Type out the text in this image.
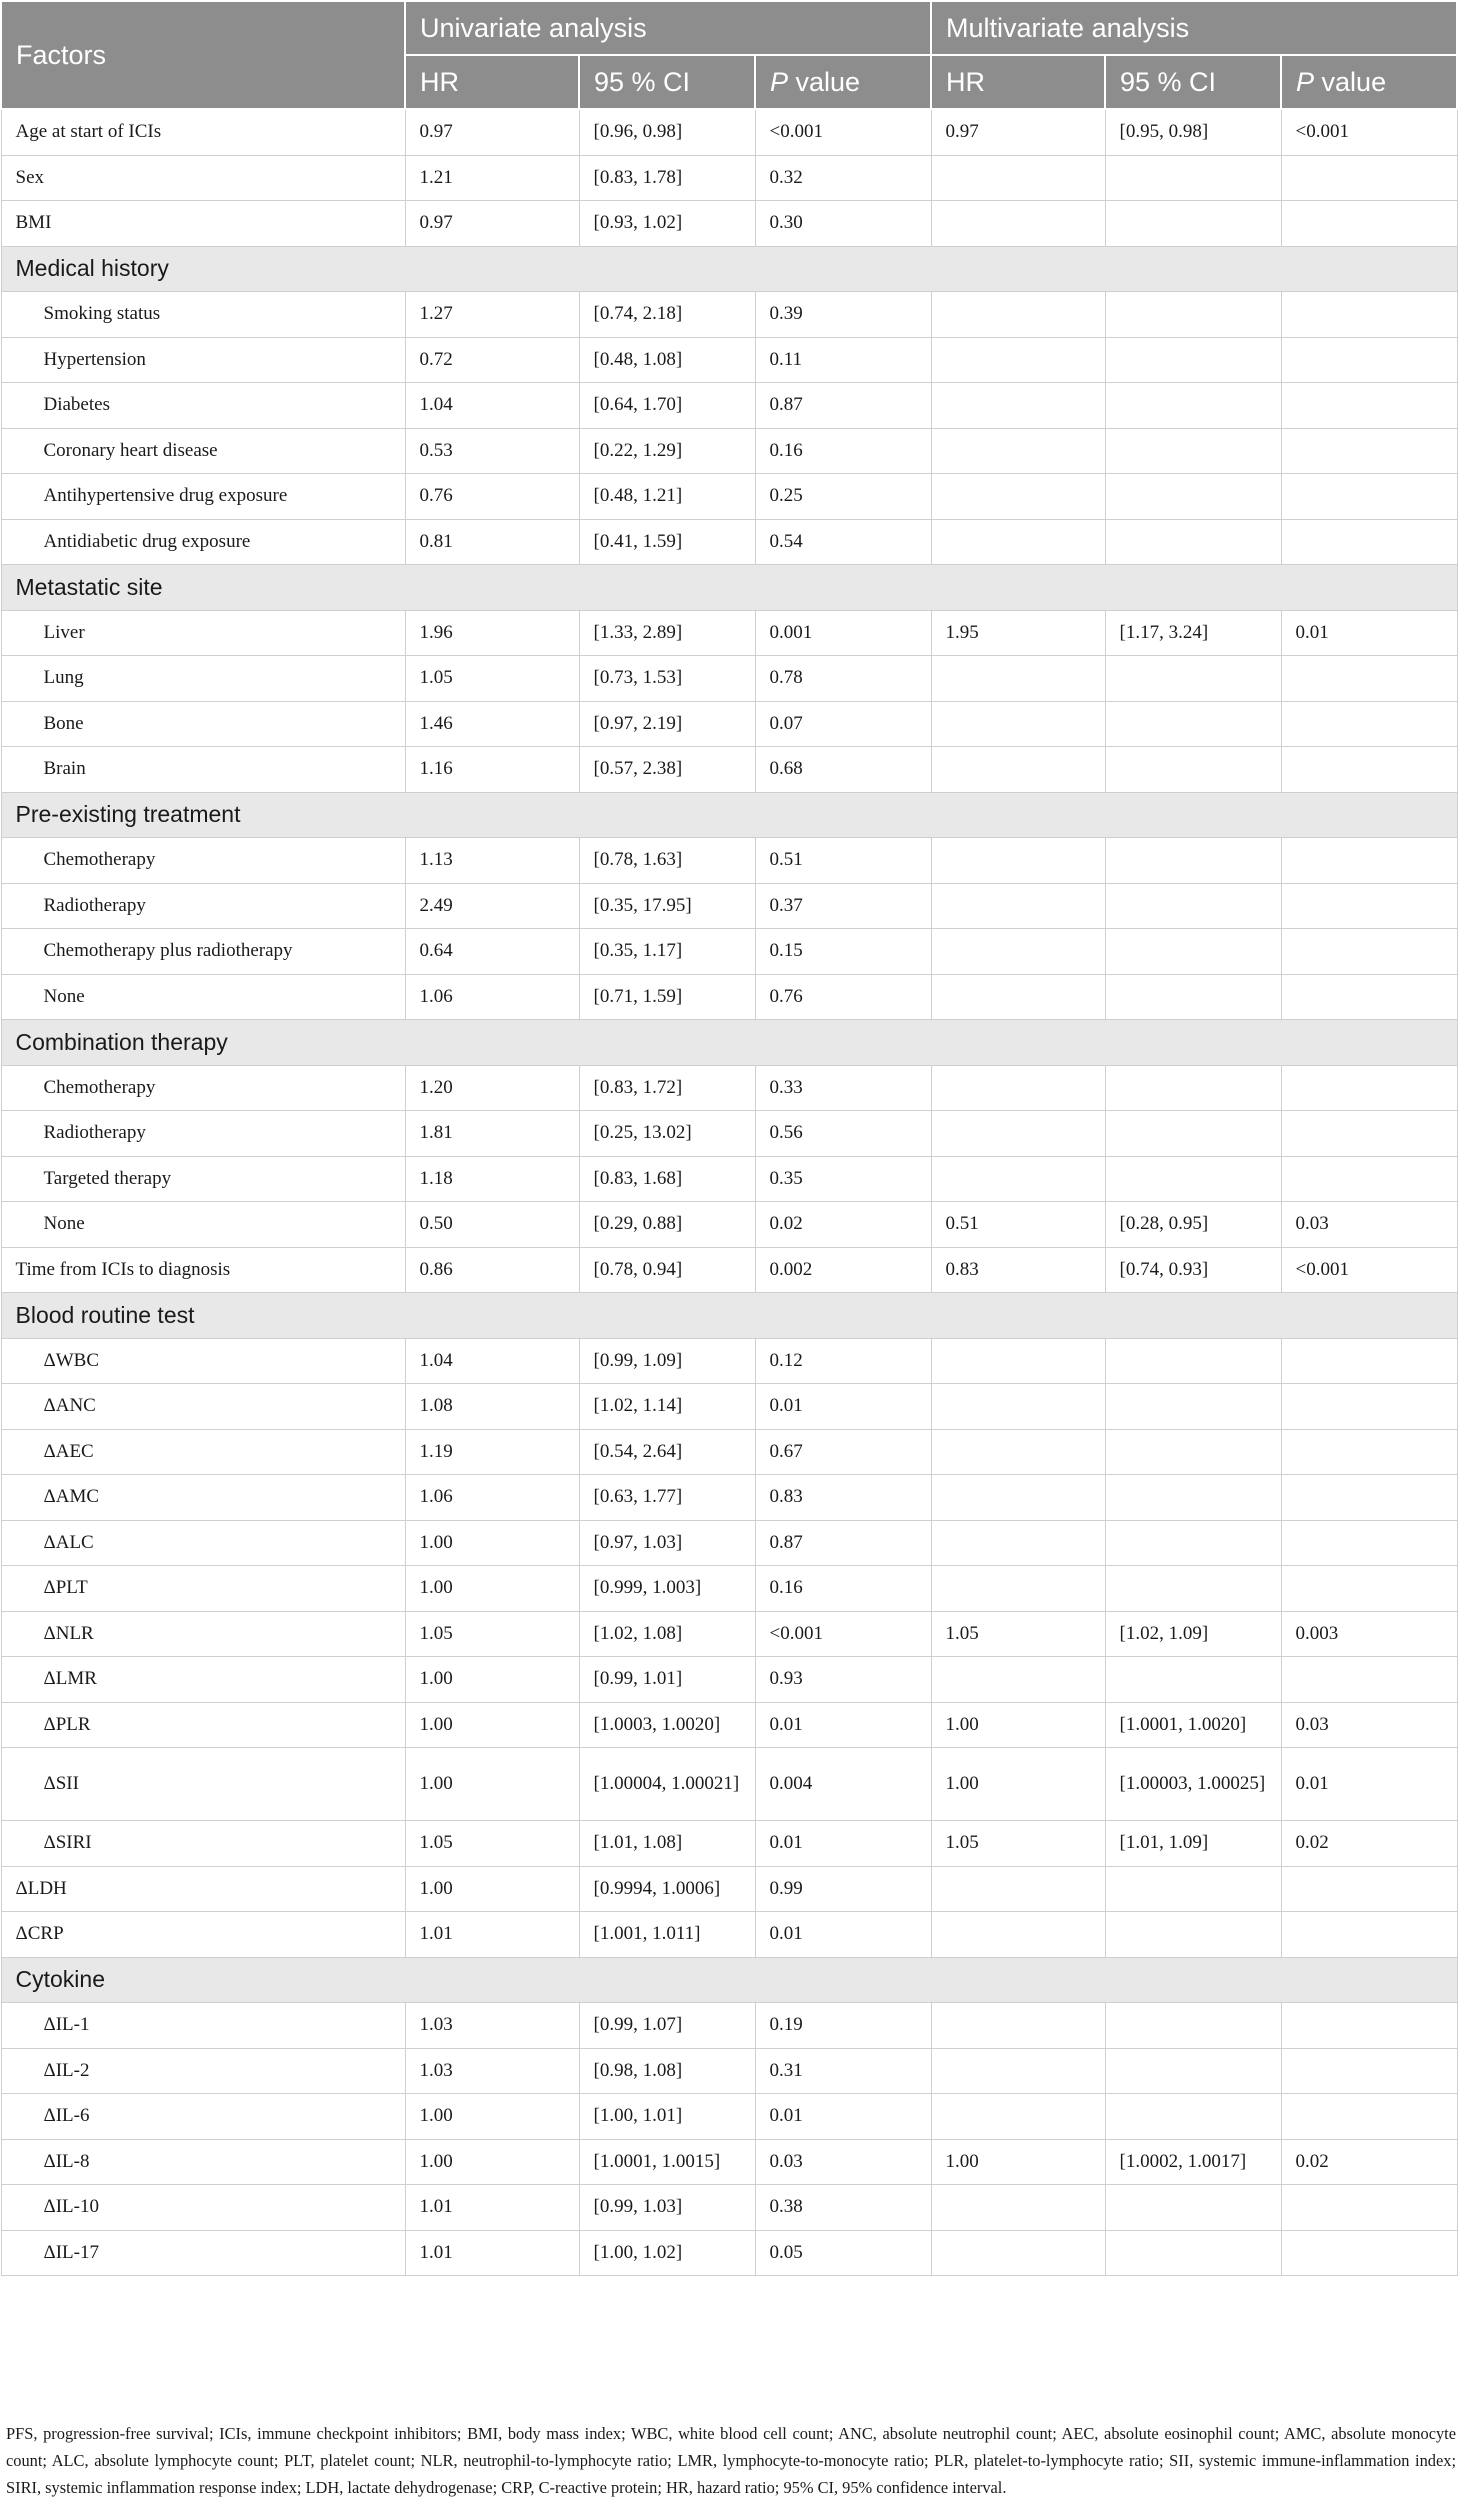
Factors	Univariate analysis			Multivariate analysis		
	HR	95 % CI	P value	HR	95 % CI	P value
Age at start of ICIs	0.97	[0.96, 0.98]	<0.001	0.97	[0.95, 0.98]	<0.001
Sex	1.21	[0.83, 1.78]	0.32			
BMI	0.97	[0.93, 1.02]	0.30			
Medical history						
Smoking status	1.27	[0.74, 2.18]	0.39			
Hypertension	0.72	[0.48, 1.08]	0.11			
Diabetes	1.04	[0.64, 1.70]	0.87			
Coronary heart disease	0.53	[0.22, 1.29]	0.16			
Antihypertensive drug exposure	0.76	[0.48, 1.21]	0.25			
Antidiabetic drug exposure	0.81	[0.41, 1.59]	0.54			
Metastatic site						
Liver	1.96	[1.33, 2.89]	0.001	1.95	[1.17, 3.24]	0.01
Lung	1.05	[0.73, 1.53]	0.78			
Bone	1.46	[0.97, 2.19]	0.07			
Brain	1.16	[0.57, 2.38]	0.68			
Pre-existing treatment						
Chemotherapy	1.13	[0.78, 1.63]	0.51			
Radiotherapy	2.49	[0.35, 17.95]	0.37			
Chemotherapy plus radiotherapy	0.64	[0.35, 1.17]	0.15			
None	1.06	[0.71, 1.59]	0.76			
Combination therapy						
Chemotherapy	1.20	[0.83, 1.72]	0.33			
Radiotherapy	1.81	[0.25, 13.02]	0.56			
Targeted therapy	1.18	[0.83, 1.68]	0.35			
None	0.50	[0.29, 0.88]	0.02	0.51	[0.28, 0.95]	0.03
Time from ICIs to diagnosis	0.86	[0.78, 0.94]	0.002	0.83	[0.74, 0.93]	<0.001
Blood routine test						
ΔWBC	1.04	[0.99, 1.09]	0.12			
ΔANC	1.08	[1.02, 1.14]	0.01			
ΔAEC	1.19	[0.54, 2.64]	0.67			
ΔAMC	1.06	[0.63, 1.77]	0.83			
ΔALC	1.00	[0.97, 1.03]	0.87			
ΔPLT	1.00	[0.999, 1.003]	0.16			
ΔNLR	1.05	[1.02, 1.08]	<0.001	1.05	[1.02, 1.09]	0.003
ΔLMR	1.00	[0.99, 1.01]	0.93			
ΔPLR	1.00	[1.0003, 1.0020]	0.01	1.00	[1.0001, 1.0020]	0.03
ΔSII	1.00	[1.00004, 1.00021]	0.004	1.00	[1.00003, 1.00025]	0.01
ΔSIRI	1.05	[1.01, 1.08]	0.01	1.05	[1.01, 1.09]	0.02
ΔLDH	1.00	[0.9994, 1.0006]	0.99			
ΔCRP	1.01	[1.001, 1.011]	0.01			
Cytokine						
ΔIL-1	1.03	[0.99, 1.07]	0.19			
ΔIL-2	1.03	[0.98, 1.08]	0.31			
ΔIL-6	1.00	[1.00, 1.01]	0.01			
ΔIL-8	1.00	[1.0001, 1.0015]	0.03	1.00	[1.0002, 1.0017]	0.02
ΔIL-10	1.01	[0.99, 1.03]	0.38			
ΔIL-17	1.01	[1.00, 1.02]	0.05			
PFS, progression-free survival; ICIs, immune checkpoint inhibitors; BMI, body mass index; WBC, white blood cell count; ANC, absolute neutrophil count; AEC, absolute eosinophil count; AMC, absolute monocyte count; ALC, absolute lymphocyte count; PLT, platelet count; NLR, neutrophil-to-lymphocyte ratio; LMR, lymphocyte-to-monocyte ratio; PLR, platelet-to-lymphocyte ratio; SII, systemic immune-inflammation index; SIRI, systemic inflammation response index; LDH, lactate dehydrogenase; CRP, C-reactive protein; HR, hazard ratio; 95% CI, 95% confidence interval.
